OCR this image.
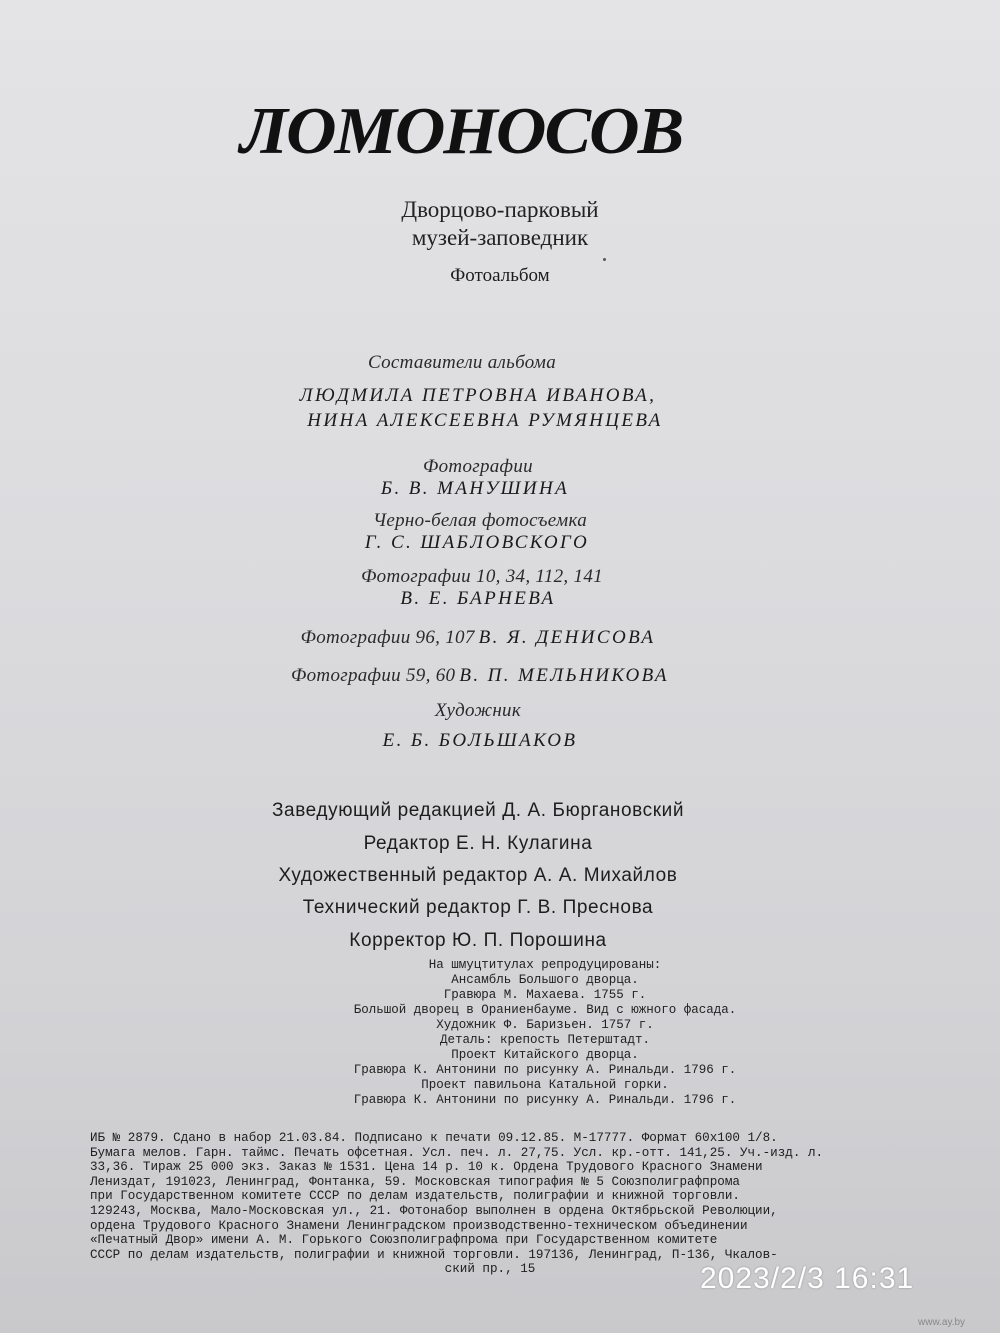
ЛОМОНОСОВ
Дворцово-парковый
музей-заповедник
Фотоальбом
Составители альбома
ЛЮДМИЛА ПЕТРОВНА ИВАНОВА,
НИНА АЛЕКСЕЕВНА РУМЯНЦЕВА
Фотографии
Б. В. МАНУШИНА
Черно-белая фотосъемка
Г. С. ШАБЛОВСКОГО
Фотографии 10, 34, 112, 141
В. Е. БАРНЕВА
Фотографии 96, 107 В. Я. ДЕНИСОВА
Фотографии 59, 60 В. П. МЕЛЬНИКОВА
Художник
Е. Б. БОЛЬШАКОВ
Заведующий редакцией Д. А. Бюргановский
Редактор Е. Н. Кулагина
Художественный редактор А. А. Михайлов
Технический редактор Г. В. Преснова
Корректор Ю. П. Порошина
На шмуцтитулах репродуцированы:
Ансамбль Большого дворца.
Гравюра М. Махаева. 1755 г.
Большой дворец в Ораниенбауме. Вид с южного фасада.
Художник Ф. Баризьен. 1757 г.
Деталь: крепость Петерштадт.
Проект Китайского дворца.
Гравюра К. Антонини по рисунку А. Ринальди. 1796 г.
Проект павильона Катальной горки.
Гравюра К. Антонини по рисунку А. Ринальди. 1796 г.
ИБ № 2879. Сдано в набор 21.03.84. Подписано к печати 09.12.85. М-17777. Формат 60x100 1/8.
Бумага мелов. Гарн. таймс. Печать офсетная. Усл. печ. л. 27,75. Усл. кр.-отт. 141,25. Уч.-изд. л.
33,36. Тираж 25 000 экз. Заказ № 1531. Цена 14 р. 10 к. Ордена Трудового Красного Знамени
Лениздат, 191023, Ленинград, Фонтанка, 59. Московская типография № 5 Союзполиграфпрома
при Государственном комитете СССР по делам издательств, полиграфии и книжной торговли.
129243, Москва, Мало-Московская ул., 21. Фотонабор выполнен в ордена Октябрьской Революции,
ордена Трудового Красного Знамени Ленинградском производственно-техническом объединении
«Печатный Двор» имени А. М. Горького Союзполиграфпрома при Государственном комитете
СССР по делам издательств, полиграфии и книжной торговли. 197136, Ленинград, П-136, Чкалов-
ский пр., 15	2023/2/3 16:31
www.ay.by
